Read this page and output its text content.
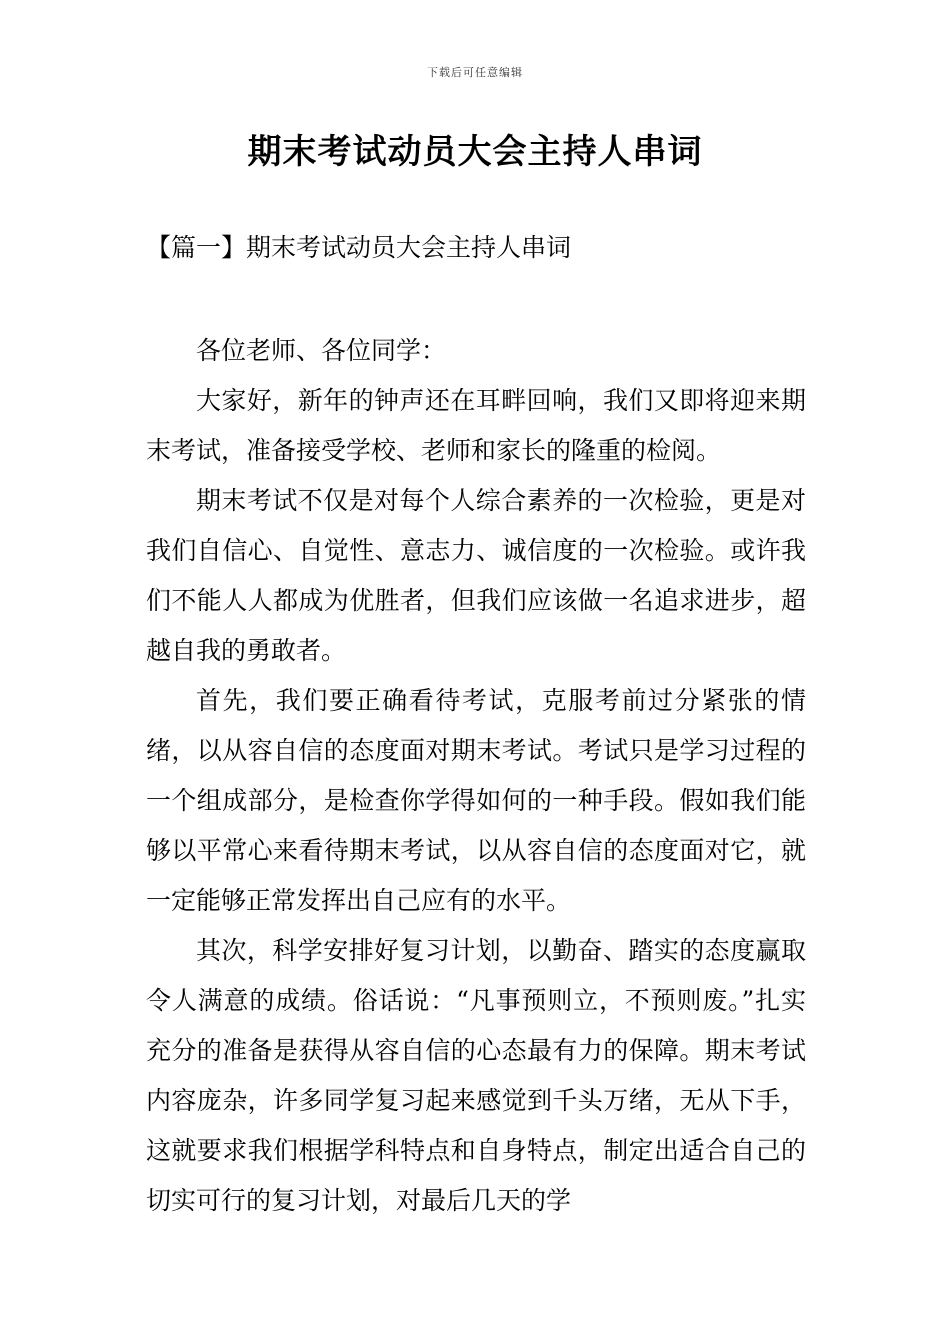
下载后可任意编辑
期末考试动员大会主持人串词
【篇一】期末考试动员大会主持人串词

各位老师、各位同学：

大家好，新年的钟声还在耳畔回响，我们又即将迎来期末考试，准备接受学校、老师和家长的隆重的检阅。

期末考试不仅是对每个人综合素养的一次检验，更是对我们自信心、自觉性、意志力、诚信度的一次检验。或许我们不能人人都成为优胜者，但我们应该做一名追求进步，超越自我的勇敢者。

首先，我们要正确看待考试，克服考前过分紧张的情绪，以从容自信的态度面对期末考试。考试只是学习过程的一个组成部分，是检查你学得如何的一种手段。假如我们能够以平常心来看待期末考试，以从容自信的态度面对它，就一定能够正常发挥出自己应有的水平。

其次，科学安排好复习计划，以勤奋、踏实的态度赢取令人满意的成绩。俗话说：“凡事预则立，不预则废。”扎实充分的准备是获得从容自信的心态最有力的保障。期末考试内容庞杂，许多同学复习起来感觉到千头万绪，无从下手，这就要求我们根据学科特点和自身特点，制定出适合自己的切实可行的复习计划，对最后几天的学
